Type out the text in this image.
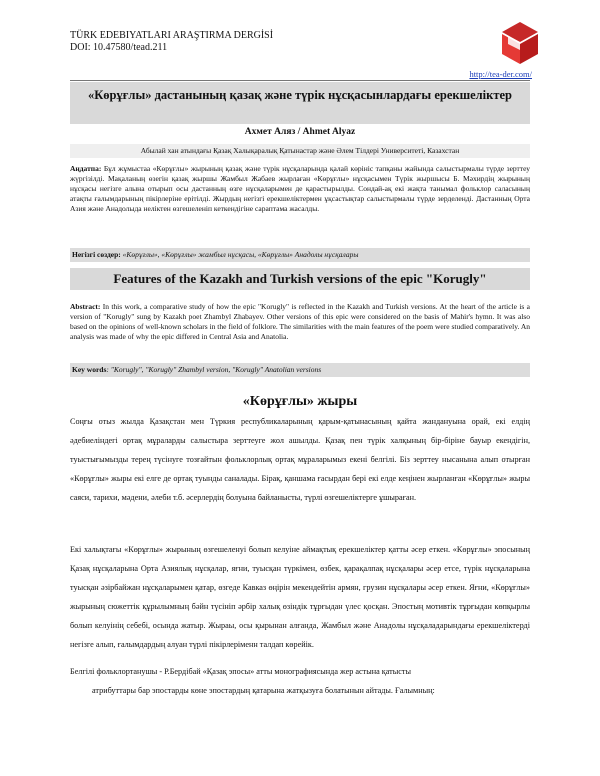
TÜRK EDEBIYATLARI ARAŞTIRMA DERGİSİ
DOI: 10.47580/tead.211
http://tea-der.com/
«Көрұғлы» дастанының қазақ және түрік нұсқасынлардағы ерекшеліктер
Ахмет Аляз / Ahmet Alyaz
Абылай хан атындағы Қазақ Халықаралық Қатынастар және Әлем Тілдері Университеті, Казахстан
Аңдатпа: Бұл жұмыстаа «Көрұғлы» жырының қазақ және түрік нұсқаларында қалай көрініс тапқаны жайында салыстырмалы түрде зерттеу жүргізілді. Мақаланың өзегін қазақ жыршы Жамбыл Жабаев жырлаған «Көрұғлы» нұсқасымен Түрік жыршысы Б. Мәхирдің жырының нұсқасы негізге алына отырып осы дастанның өзге нұсқаларымен де қарастырылды. Сондай-ақ екі жақта танымал фольклор саласының атақты ғалымдарының пікірлеріне ерітілді. Жырдың негізгі ерекшеліктермен ұқсастықтар салыстырмалы түрде зерделенді. Дастанның Орта Азия және Анадолыда неліктен өзгешеленіп кеткендігіне сараптама жасалды.
Негізгі сөздер: «Көрұғлы», «Көрұғлы» жамбыл нұсқасы, «Көрұғлы» Анадолы нұсқалары
Features of the Kazakh and Turkish versions of the epic "Korugly"
Abstract: In this work, a comparative study of how the epic "Korugly" is reflected in the Kazakh and Turkish versions. At the heart of the article is a version of "Korugly" sung by Kazakh poet Zhambyl Zhabayev. Other versions of this epic were considered on the basis of Mahir's hymn. It was also based on the opinions of well-known scholars in the field of folklore. The similarities with the main features of the poem were studied comparatively. An analysis was made of why the epic differed in Central Asia and Anatolia.
Key words: "Korugly", "Korugly" Zhambyl version, "Korugly" Anatolian versions
«Көрұғлы» жыры
Соңғы отыз жылда Қазақстан мен Түркия республикаларының қарым-қатынасының қайта жандануына орай, екі елдің әдебиеліндегі ортақ мұраларды салыстыра зерттеуге жол ашылды. Қазақ пен түрік халқының бір-біріне бауыр екендігін, туыстығымызды терең түсінуге тозғайтын фольклорлық ортақ мұраларымыз екені белгілі. Біз зерттеу нысанына алып отырған «Көрұғлы» жыры екі елге де ортақ туынды саналады. Бірақ, қаншама ғасырдан бері екі елде кеңінен жырланған «Көрұғлы» жыры саяси, тарихи, мәдени, әлеби т.б. әсерлердің болуына байланысты, түрлі өзгешеліктерге ұшыраған.
Екі халықтағы «Көрұғлы» жырының өзгешеленуі болып келуіне аймақтық ерекшеліктер қатты әсер еткен. «Көрұғлы» эпосының Қазақ нұсқаларына Орта Азиялық нұсқалар, яғни, туысқан түркімен, өзбек, қарақалпақ нұсқалары әсер етсе, түрік нұсқаларына туысқан әзірбайжан нұсқаларымен қатар, өзгеде Кавказ өңірін мекендейтін армян, грузин нұсқалары әсер еткен. Яғни, «Көрұғлы» жырының сюжеттік құрылымның бәйн түсініп әрбір халық өзіндік тұрғыдан үлес қосқан. Эпостың мотивтік тұрғыдан көпқырлы болып келуінің себебі, осында жатыр. Жыраы, осы қырынан алғанда, Жамбыл және Анадолы нұсқаладарындағы ерекшеліктерді негізге алып, ғалымдардың алуан түрлі пікірлеріменн талдап көрейік.
Белгілі фольклортанушы - Р.Бердібай «Қазақ эпосы» атты монографиясында жер астына қатысты
атрибуттары бар эпостарды көне эпостардың қатарына жатқызуға болатынын айтады. Ғалымның:
